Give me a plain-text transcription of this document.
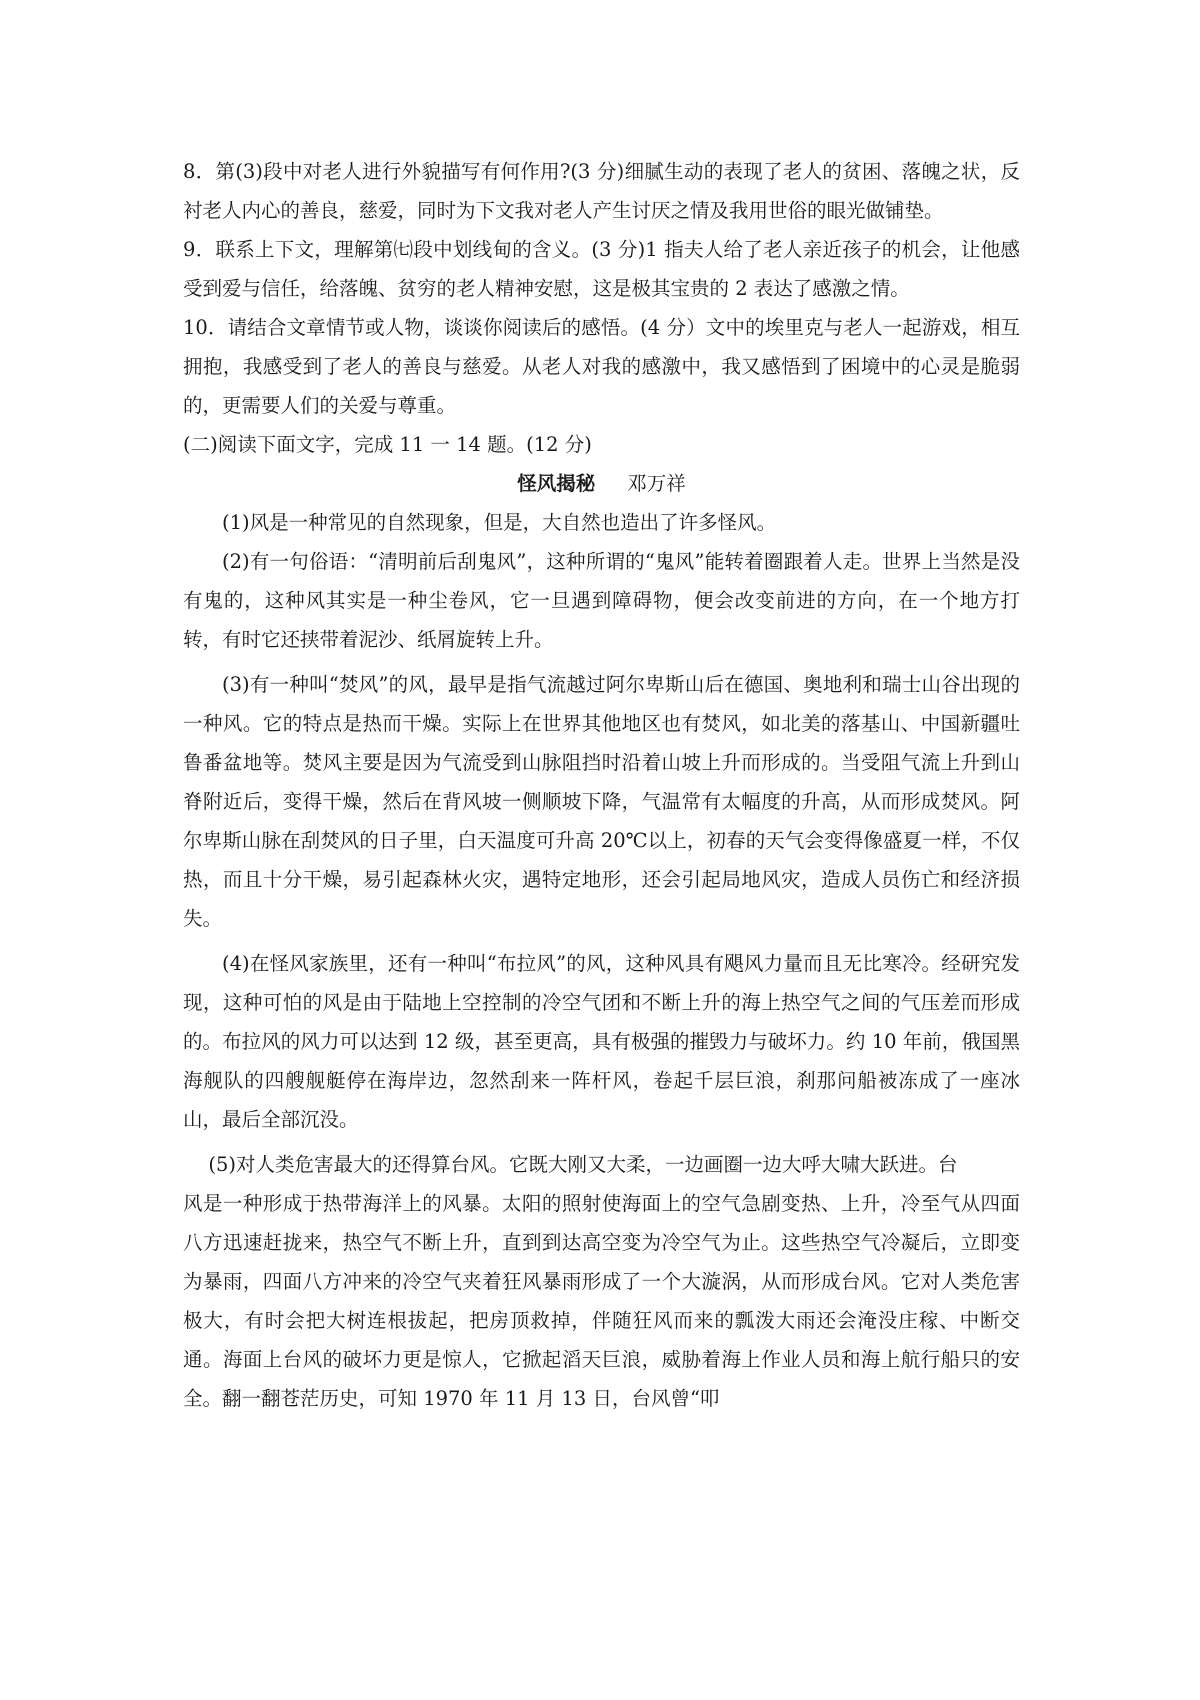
8．第(3)段中对老人进行外貌描写有何作用?(3 分)细腻生动的表现了老人的贫困、落魄之状，反衬老人内心的善良，慈爱，同时为下文我对老人产生讨厌之情及我用世俗的眼光做铺垫。

9．联系上下文，理解第㈦段中划线甸的含义。(3 分)1 指夫人给了老人亲近孩子的机会，让他感受到爱与信任，给落魄、贫穷的老人精神安慰，这是极其宝贵的 2 表达了感激之情。

10．请结合文章情节或人物，谈谈你阅读后的感悟。(4 分）文中的埃里克与老人一起游戏，相互拥抱，我感受到了老人的善良与慈爱。从老人对我的感激中，我又感悟到了困境中的心灵是脆弱的，更需要人们的关爱与尊重。

(二)阅读下面文字，完成 11 一 14 题。(12 分)

怪风揭秘 邓万祥

(1)风是一种常见的自然现象，但是，大自然也造出了许多怪风。

(2)有一句俗语：“清明前后刮鬼风”，这种所谓的“鬼风”能转着圈跟着人走。世界上当然是没有鬼的，这种风其实是一种尘卷风，它一旦遇到障碍物，便会改变前进的方向，在一个地方打转，有时它还挟带着泥沙、纸屑旋转上升。

(3)有一种叫“焚风”的风，最早是指气流越过阿尔卑斯山后在德国、奥地利和瑞士山谷出现的一种风。它的特点是热而干燥。实际上在世界其他地区也有焚风，如北美的落基山、中国新疆吐鲁番盆地等。焚风主要是因为气流受到山脉阻挡时沿着山坡上升而形成的。当受阻气流上升到山脊附近后，变得干燥，然后在背风坡一侧顺坡下降，气温常有太幅度的升高，从而形成焚风。阿尔卑斯山脉在刮焚风的日子里，白天温度可升高 20℃以上，初春的天气会变得像盛夏一样，不仅热，而且十分干燥，易引起森林火灾，遇特定地形，还会引起局地风灾，造成人员伤亡和经济损失。

(4)在怪风家族里，还有一种叫“布拉风”的风，这种风具有飓风力量而且无比寒冷。经研究发现，这种可怕的风是由于陆地上空控制的冷空气团和不断上升的海上热空气之间的气压差而形成的。布拉风的风力可以达到 12 级，甚至更高，具有极强的摧毁力与破坏力。约 10 年前，俄国黑海舰队的四艘舰艇停在海岸边，忽然刮来一阵杆风，卷起千层巨浪，刹那问船被冻成了一座冰山，最后全部沉没。

(5)对人类危害最大的还得算台风。它既大刚又大柔，一边画圈一边大呼大啸大跃进。台

风是一种形成于热带海洋上的风暴。太阳的照射使海面上的空气急剧变热、上升，冷至气从四面八方迅速赶拢来，热空气不断上升，直到到达高空变为冷空气为止。这些热空气冷凝后，立即变为暴雨，四面八方冲来的冷空气夹着狂风暴雨形成了一个大漩涡，从而形成台风。它对人类危害极大，有时会把大树连根拔起，把房顶救掉，伴随狂风而来的瓢泼大雨还会淹没庄稼、中断交通。海面上台风的破坏力更是惊人，它掀起滔天巨浪，威胁着海上作业人员和海上航行船只的安全。翻一翻苍茫历史，可知 1970 年 11 月 13 日，台风曾“叩
